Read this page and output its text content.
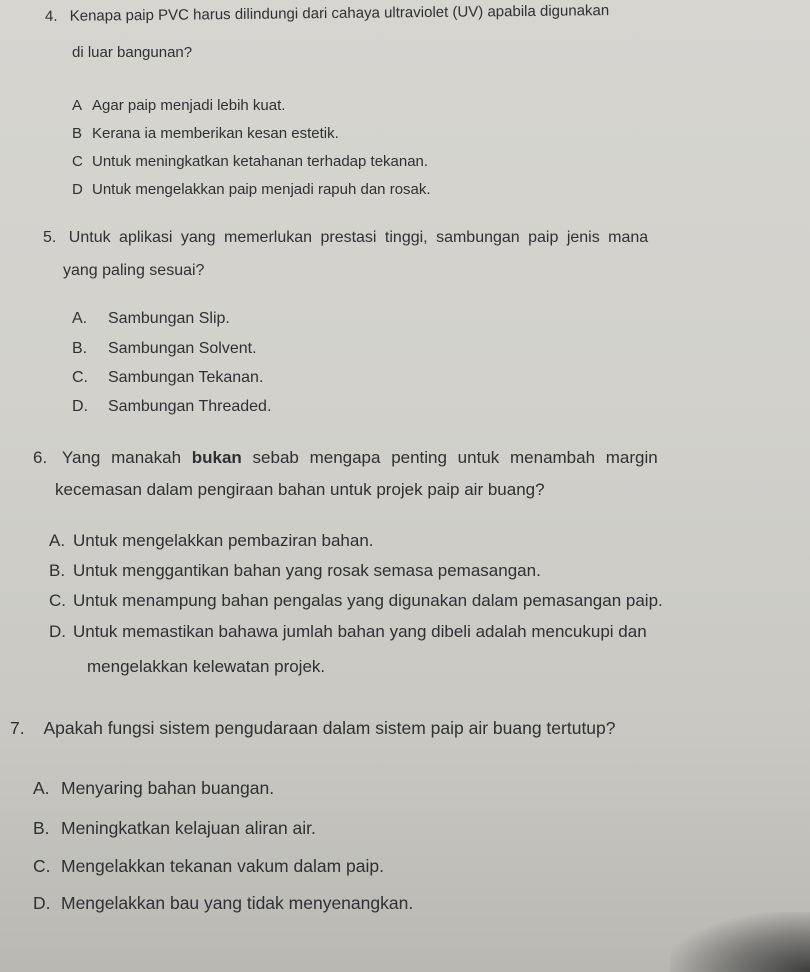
4. Kenapa paip PVC harus dilindungi dari cahaya ultraviolet (UV) apabila digunakan
di luar bangunan?
A Agar paip menjadi lebih kuat.
B Kerana ia memberikan kesan estetik.
C Untuk meningkatkan ketahanan terhadap tekanan.
D Untuk mengelakkan paip menjadi rapuh dan rosak.
5. Untuk aplikasi yang memerlukan prestasi tinggi, sambungan paip jenis mana
yang paling sesuai?
A. Sambungan Slip.
B. Sambungan Solvent.
C. Sambungan Tekanan.
D. Sambungan Threaded.
6. Yang manakah bukan sebab mengapa penting untuk menambah margin
kecemasan dalam pengiraan bahan untuk projek paip air buang?
A. Untuk mengelakkan pembaziran bahan.
B. Untuk menggantikan bahan yang rosak semasa pemasangan.
C. Untuk menampung bahan pengalas yang digunakan dalam pemasangan paip.
D. Untuk memastikan bahawa jumlah bahan yang dibeli adalah mencukupi dan
mengelakkan kelewatan projek.
7. Apakah fungsi sistem pengudaraan dalam sistem paip air buang tertutup?
A. Menyaring bahan buangan.
B. Meningkatkan kelajuan aliran air.
C. Mengelakkan tekanan vakum dalam paip.
D. Mengelakkan bau yang tidak menyenangkan.
